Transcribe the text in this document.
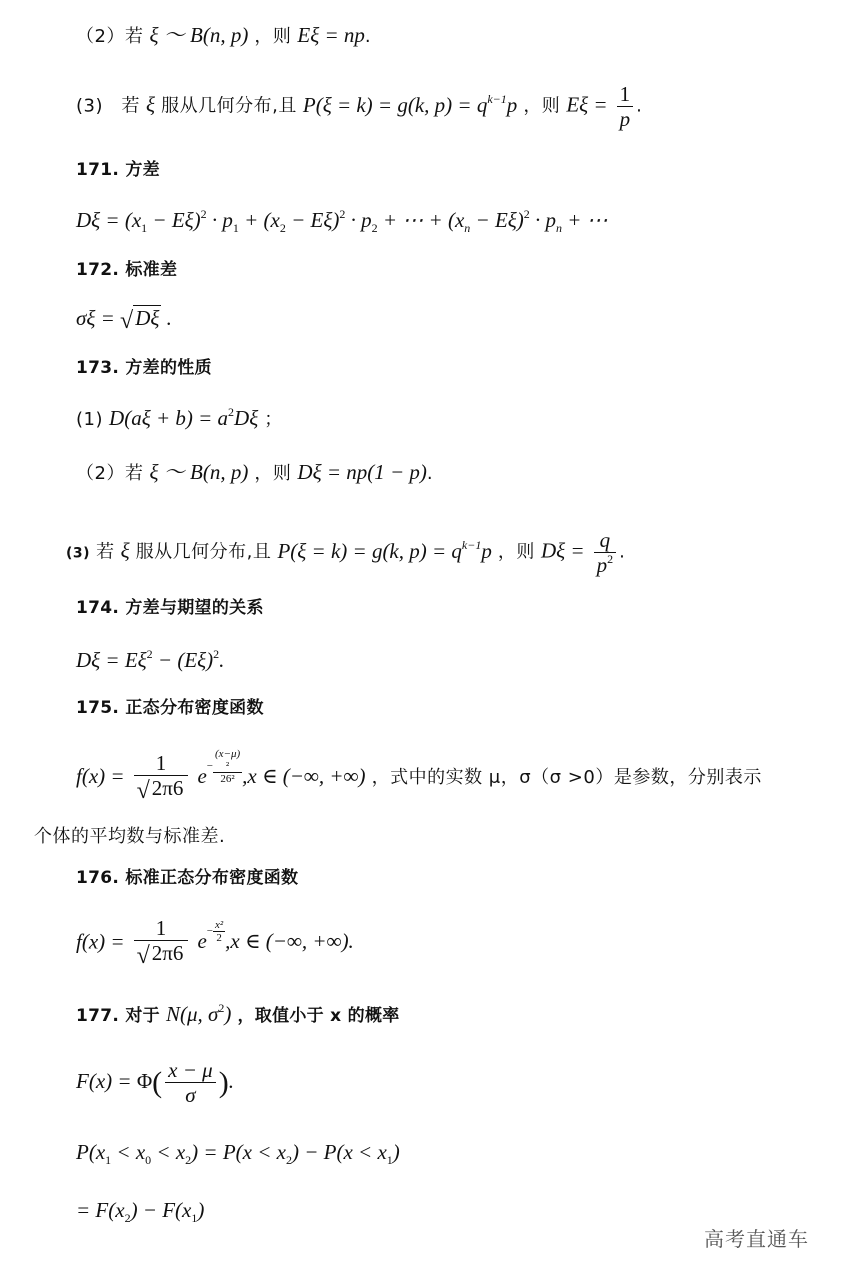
（2）若 ξ ～ B(n, p) ，则 Eξ = np.
(3)　若 ξ 服从几何分布,且 P(ξ = k) = g(k, $p) = q^{k-1}p$ ，则 $E\xi = \frac{1}{p}$ .
171. 方差
$D\xi = (x_1 - E\xi)^2 \cdot p_1 + (x_2 - E\xi)^2 \cdot p_2$ + ⋯ + $(x_n - E\xi)^2 \cdot p_n$ + ⋯
172. 标准差
σξ = √Dξ .
173. 方差的性质
(1) $D(a\xi + b) = a^2D\xi$ ；
（2）若 ξ ～ B(n, p) ，则 Dξ = np(1 − p).
(3) 若 ξ 服从几何分布,且 P(ξ = k) = g(k, $p) = q^{k-1}p$ ，则 $D\xi = \frac{q}{p^2}$ .
174. 方差与期望的关系
$D\xi = E\xi^2 - (E\xi)^2$.
175. 正态分布密度函数
$f(x) = \frac{1}{√2\pi 6} e- (x-\mu)$
²
26² ,x ∈ (−∞, +∞) ，式中的实数 μ，σ（σ >0）是参数，分别表示
个体的平均数与标准差.
176. 标准正态分布密度函数
$f(x) = \frac{1}{√2\pi 6} e- \frac{\text{x²}}{2} ,x$ ∈ (−∞, +∞).
177. 对于 N(μ, $\sigma^2$) ，取值小于 x 的概率
$F(x) = \Phi( \frac{x - \mu}{\sigma}$ ).
$P(x_1 < x_0 < x_2) = P(x < x_2) - P(x < x_1)$
= $F(x_2) - F(x_1)$
高考直通车
